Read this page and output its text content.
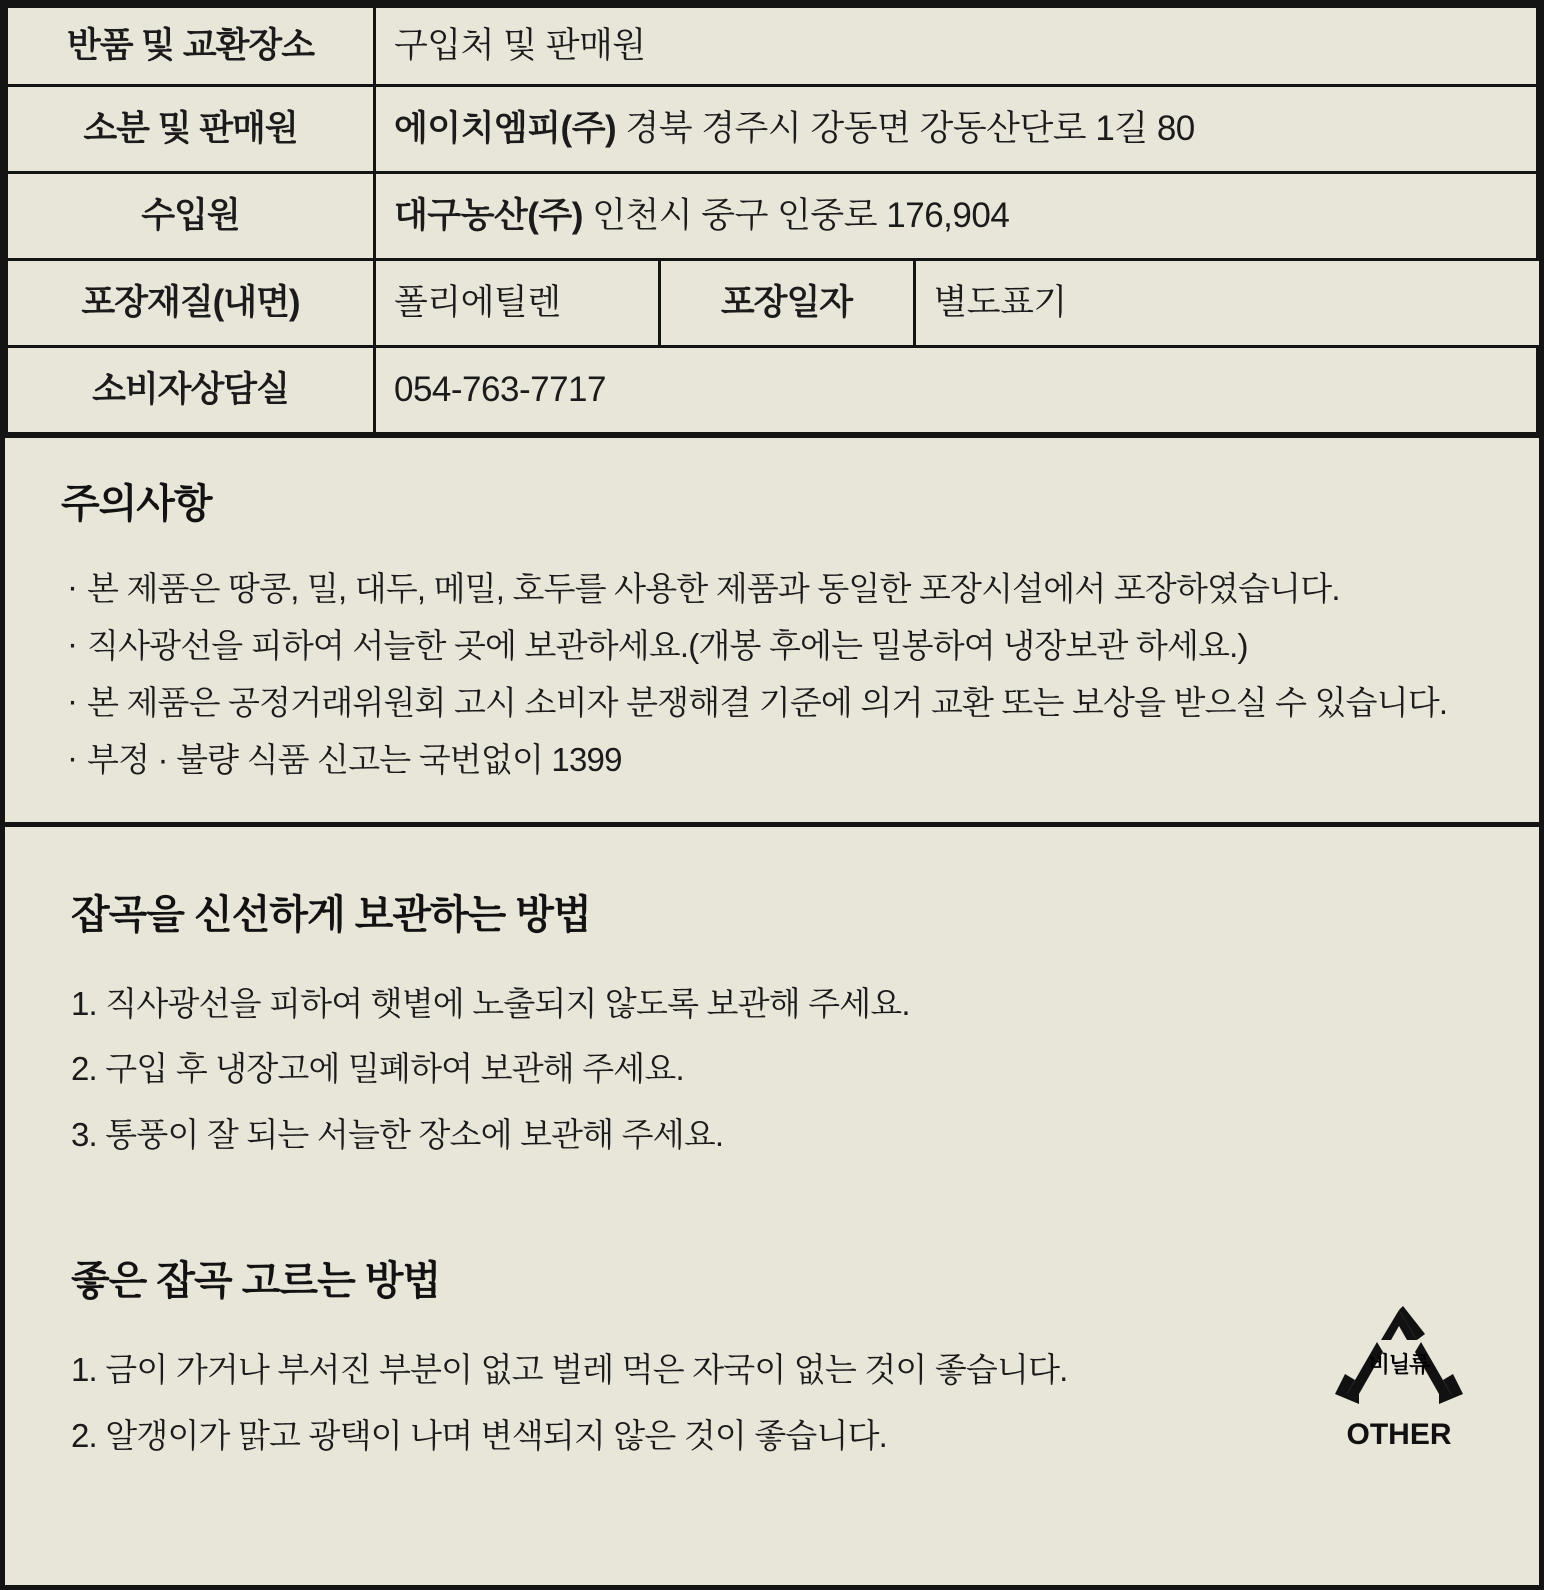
반품 및 교환장소	구입처 및 판매원
소분 및 판매원	에이치엠피(주) 경북 경주시 강동면 강동산단로 1길 80
수입원	대구농산(주) 인천시 중구 인중로 176,904
포장재질(내면)		폴리에틸렌	포장일자	별도표기

소비자상담실	054-763-7717
주의사항
· 본 제품은 땅콩, 밀, 대두, 메밀, 호두를 사용한 제품과 동일한 포장시설에서 포장하였습니다.
· 직사광선을 피하여 서늘한 곳에 보관하세요.(개봉 후에는 밀봉하여 냉장보관 하세요.)
· 본 제품은 공정거래위원회 고시 소비자 분쟁해결 기준에 의거 교환 또는 보상을 받으실 수 있습니다.
· 부정 · 불량 식품 신고는 국번없이 1399
잡곡을 신선하게 보관하는 방법
1. 직사광선을 피하여 햇볕에 노출되지 않도록 보관해 주세요.
2. 구입 후 냉장고에 밀폐하여 보관해 주세요.
3. 통풍이 잘 되는 서늘한 장소에 보관해 주세요.
좋은 잡곡 고르는 방법
1. 금이 가거나 부서진 부분이 없고 벌레 먹은 자국이 없는 것이 좋습니다.
2. 알갱이가 맑고 광택이 나며 변색되지 않은 것이 좋습니다.
비닐류
OTHER
